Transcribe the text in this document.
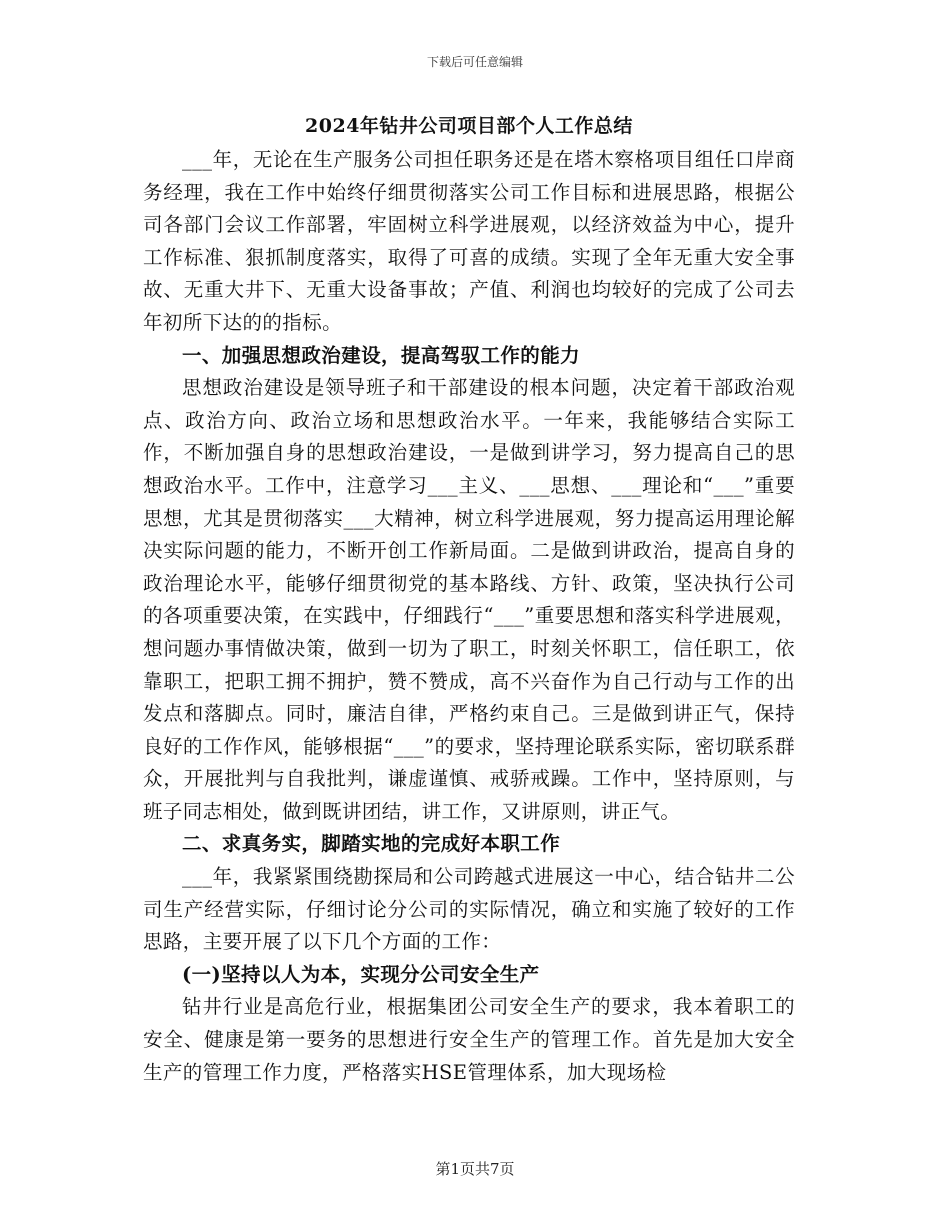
下载后可任意编辑
2024年钻井公司项目部个人工作总结

___年，无论在生产服务公司担任职务还是在塔木察格项目组任口岸商务经理，我在工作中始终仔细贯彻落实公司工作目标和进展思路，根据公司各部门会议工作部署，牢固树立科学进展观，以经济效益为中心，提升工作标准、狠抓制度落实，取得了可喜的成绩。实现了全年无重大安全事故、无重大井下、无重大设备事故；产值、利润也均较好的完成了公司去年初所下达的的指标。

一、加强思想政治建设，提高驾驭工作的能力

思想政治建设是领导班子和干部建设的根本问题，决定着干部政治观点、政治方向、政治立场和思想政治水平。一年来，我能够结合实际工作，不断加强自身的思想政治建设，一是做到讲学习，努力提高自己的思想政治水平。工作中，注意学习___主义、___思想、___理论和“___”重要思想，尤其是贯彻落实___大精神，树立科学进展观，努力提高运用理论解决实际问题的能力，不断开创工作新局面。二是做到讲政治，提高自身的政治理论水平，能够仔细贯彻党的基本路线、方针、政策，坚决执行公司的各项重要决策，在实践中，仔细践行“___”重要思想和落实科学进展观，想问题办事情做决策，做到一切为了职工，时刻关怀职工，信任职工，依靠职工，把职工拥不拥护，赞不赞成，高不兴奋作为自己行动与工作的出发点和落脚点。同时，廉洁自律，严格约束自己。三是做到讲正气，保持良好的工作作风，能够根据“___”的要求，坚持理论联系实际，密切联系群众，开展批判与自我批判，谦虚谨慎、戒骄戒躁。工作中，坚持原则，与班子同志相处，做到既讲团结，讲工作，又讲原则，讲正气。

二、求真务实，脚踏实地的完成好本职工作

___年，我紧紧围绕勘探局和公司跨越式进展这一中心，结合钻井二公司生产经营实际，仔细讨论分公司的实际情况，确立和实施了较好的工作思路，主要开展了以下几个方面的工作：

(一)坚持以人为本，实现分公司安全生产

钻井行业是高危行业，根据集团公司安全生产的要求，我本着职工的安全、健康是第一要务的思想进行安全生产的管理工作。首先是加大安全生产的管理工作力度，严格落实HSE管理体系，加大现场检

第1页共7页
